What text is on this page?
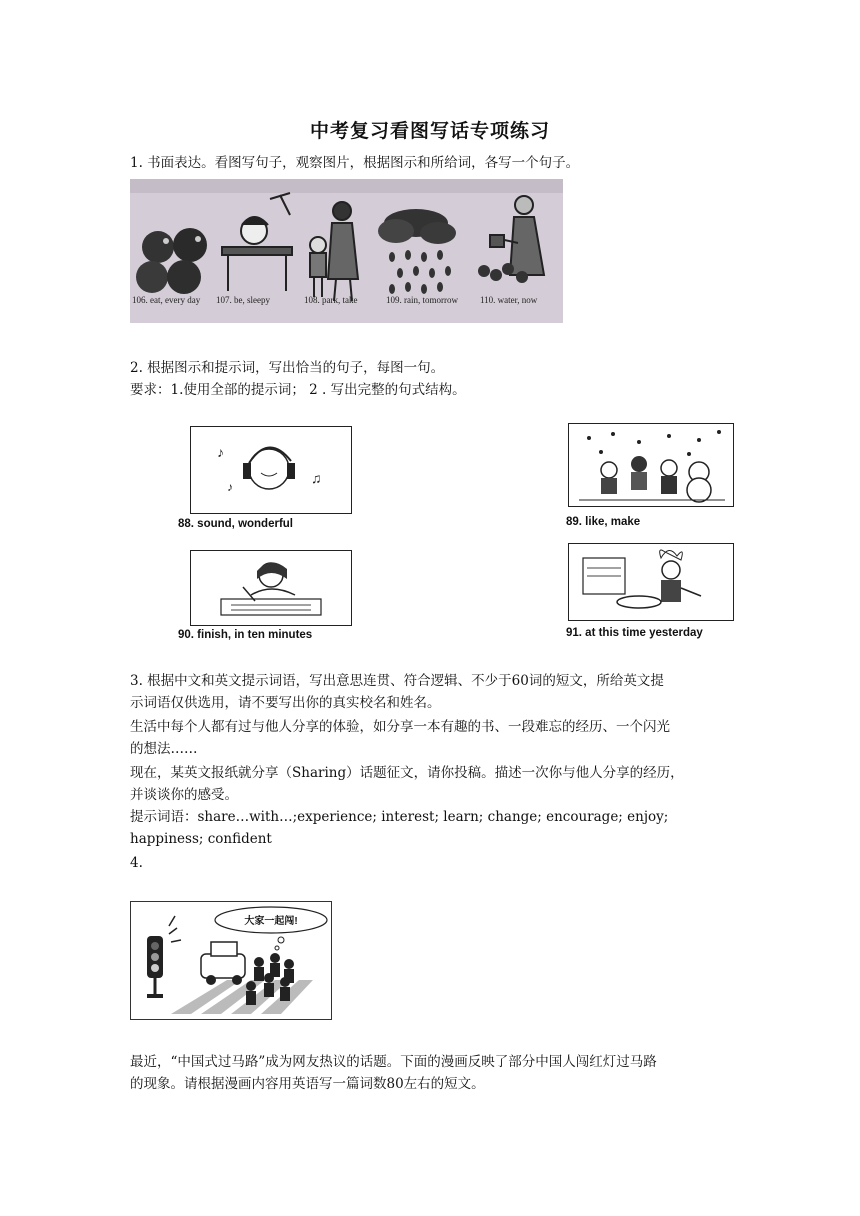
中考复习看图写话专项练习
1. 书面表达。看图写句子，观察图片，根据图示和所给词，各写一个句子。
106. eat, every day 107. be, sleepy	108. park, take	109. rain, tomorrow 110. water, now
2. 根据图示和提示词，写出恰当的句子，每图一句。
要求：1.使用全部的提示词； 2 . 写出完整的句式结构。
♪
♫
♪
88. sound, wonderful	89. like, make
90. finish, in ten minutes	91. at this time yesterday
3. 根据中文和英文提示词语，写出意思连贯、符合逻辑、不少于60词的短文，所给英文提
示词语仅供选用，请不要写出你的真实校名和姓名。
生活中每个人都有过与他人分享的体验，如分享一本有趣的书、一段难忘的经历、一个闪光
的想法……
现在，某英文报纸就分享（Sharing）话题征文，请你投稿。描述一次你与他人分享的经历，
并谈谈你的感受。
提示词语：share…with…;experience; interest; learn; change; encourage; enjoy;
happiness; confident
4.
大家一起闯!
最近，“中国式过马路”成为网友热议的话题。下面的漫画反映了部分中国人闯红灯过马路
的现象。请根据漫画内容用英语写一篇词数80左右的短文。
